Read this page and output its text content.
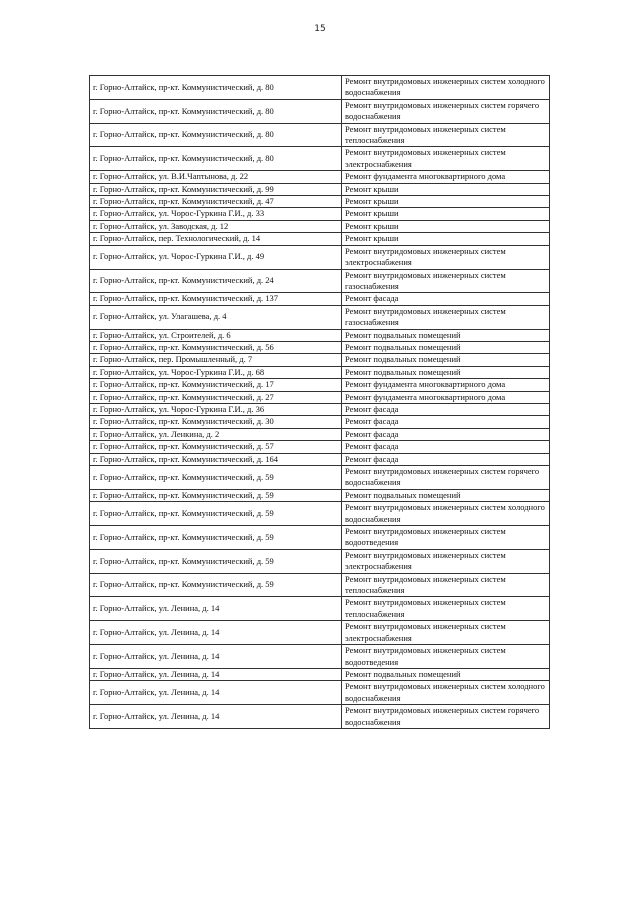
15
г. Горно-Алтайск, пр-кт. Коммунистический, д. 80	Ремонт внутридомовых инженерных систем холодного водоснабжения
г. Горно-Алтайск, пр-кт. Коммунистический, д. 80	Ремонт внутридомовых инженерных систем горячего водоснабжения
г. Горно-Алтайск, пр-кт. Коммунистический, д. 80	Ремонт внутридомовых инженерных систем теплоснабжения
г. Горно-Алтайск, пр-кт. Коммунистический, д. 80	Ремонт внутридомовых инженерных систем электроснабжения
г. Горно-Алтайск, ул. В.И.Чаптынова, д. 22	Ремонт фундамента многоквартирного дома
г. Горно-Алтайск, пр-кт. Коммунистический, д. 99	Ремонт крыши
г. Горно-Алтайск, пр-кт. Коммунистический, д. 47	Ремонт крыши
г. Горно-Алтайск, ул. Чорос-Гуркина Г.И., д. 33	Ремонт крыши
г. Горно-Алтайск, ул. Заводская, д. 12	Ремонт крыши
г. Горно-Алтайск, пер. Технологический, д. 14	Ремонт крыши
г. Горно-Алтайск, ул. Чорос-Гуркина Г.И., д. 49	Ремонт внутридомовых инженерных систем электроснабжения
г. Горно-Алтайск, пр-кт. Коммунистический, д. 24	Ремонт внутридомовых инженерных систем газоснабжения
г. Горно-Алтайск, пр-кт. Коммунистический, д. 137	Ремонт фасада
г. Горно-Алтайск, ул. Улагашева, д. 4	Ремонт внутридомовых инженерных систем газоснабжения
г. Горно-Алтайск, ул. Строителей, д. 6	Ремонт подвальных помещений
г. Горно-Алтайск, пр-кт. Коммунистический, д. 56	Ремонт подвальных помещений
г. Горно-Алтайск, пер. Промышленный, д. 7	Ремонт подвальных помещений
г. Горно-Алтайск, ул. Чорос-Гуркина Г.И., д. 68	Ремонт подвальных помещений
г. Горно-Алтайск, пр-кт. Коммунистический, д. 17	Ремонт фундамента многоквартирного дома
г. Горно-Алтайск, пр-кт. Коммунистический, д. 27	Ремонт фундамента многоквартирного дома
г. Горно-Алтайск, ул. Чорос-Гуркина Г.И., д. 36	Ремонт фасада
г. Горно-Алтайск, пр-кт. Коммунистический, д. 30	Ремонт фасада
г. Горно-Алтайск, ул. Ленкина, д. 2	Ремонт фасада
г. Горно-Алтайск, пр-кт. Коммунистический, д. 57	Ремонт фасада
г. Горно-Алтайск, пр-кт. Коммунистический, д. 164	Ремонт фасада
г. Горно-Алтайск, пр-кт. Коммунистический, д. 59	Ремонт внутридомовых инженерных систем горячего водоснабжения
г. Горно-Алтайск, пр-кт. Коммунистический, д. 59	Ремонт подвальных помещений
г. Горно-Алтайск, пр-кт. Коммунистический, д. 59	Ремонт внутридомовых инженерных систем холодного водоснабжения
г. Горно-Алтайск, пр-кт. Коммунистический, д. 59	Ремонт внутридомовых инженерных систем водоотведения
г. Горно-Алтайск, пр-кт. Коммунистический, д. 59	Ремонт внутридомовых инженерных систем электроснабжения
г. Горно-Алтайск, пр-кт. Коммунистический, д. 59	Ремонт внутридомовых инженерных систем теплоснабжения
г. Горно-Алтайск, ул. Ленина, д. 14	Ремонт внутридомовых инженерных систем теплоснабжения
г. Горно-Алтайск, ул. Ленина, д. 14	Ремонт внутридомовых инженерных систем электроснабжения
г. Горно-Алтайск, ул. Ленина, д. 14	Ремонт внутридомовых инженерных систем водоотведения
г. Горно-Алтайск, ул. Ленина, д. 14	Ремонт подвальных помещений
г. Горно-Алтайск, ул. Ленина, д. 14	Ремонт внутридомовых инженерных систем холодного водоснабжения
г. Горно-Алтайск, ул. Ленина, д. 14	Ремонт внутридомовых инженерных систем горячего водоснабжения
